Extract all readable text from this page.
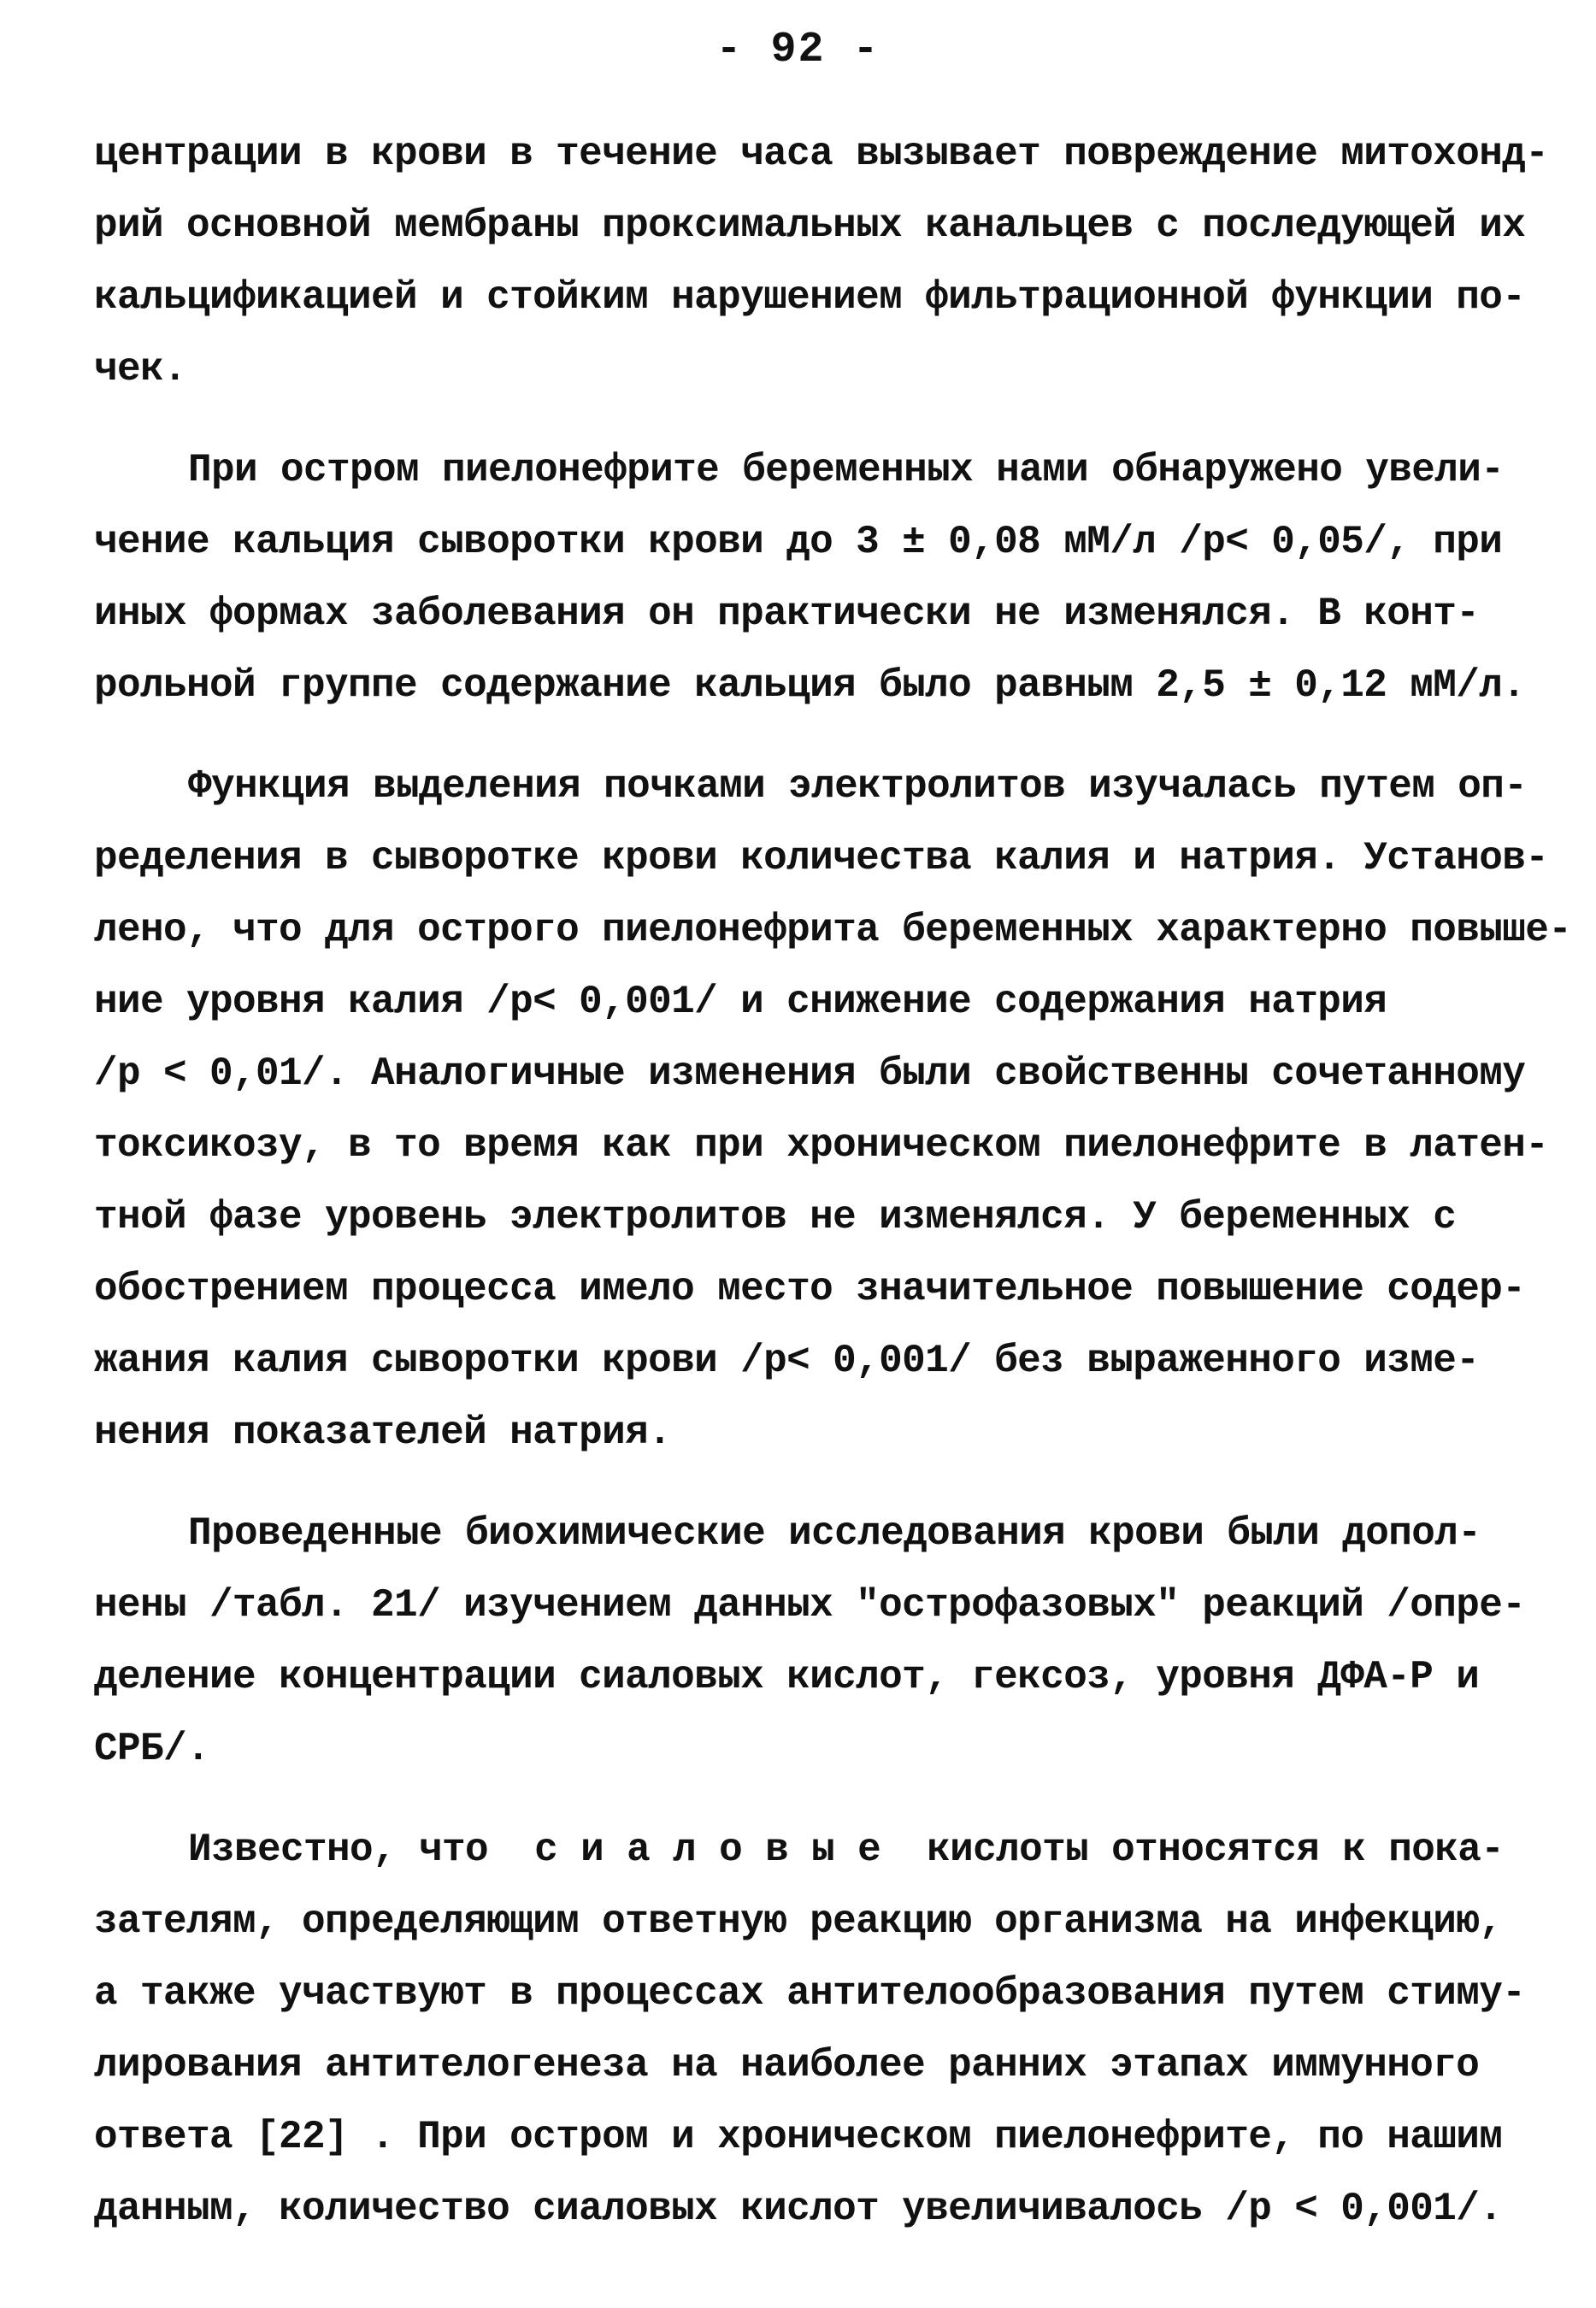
- 92 -
центрации в крови в течение часа вызывает повреждение митохонд-
рий основной мембраны проксимальных канальцев с последующей их
кальцификацией и стойким нарушением фильтрационной функции по-
чек.
При остром пиелонефрите беременных нами обнаружено увели-
чение кальция сыворотки крови до 3 ± 0,08 мМ/л /р< 0,05/, при
иных формах заболевания он практически не изменялся. В конт-
рольной группе содержание кальция было равным 2,5 ± 0,12 мМ/л.
Функция выделения почками электролитов изучалась путем оп-
ределения в сыворотке крови количества калия и натрия. Установ-
лено, что для острого пиелонефрита беременных характерно повыше-
ние уровня калия /р< 0,001/ и снижение содержания натрия
/р < 0,01/. Аналогичные изменения были свойственны сочетанному
токсикозу, в то время как при хроническом пиелонефрите в латен-
тной фазе уровень электролитов не изменялся. У беременных с
обострением процесса имело место значительное повышение содер-
жания калия сыворотки крови /р< 0,001/ без выраженного изме-
нения показателей натрия.
Проведенные биохимические исследования крови были допол-
нены /табл. 21/ изучением данных "острофазовых" реакций /опре-
деление концентрации сиаловых кислот, гексоз, уровня ДФА-Р и
СРБ/.
Известно, что  с и а л о в ы е  кислоты относятся к пока-
зателям, определяющим ответную реакцию организма на инфекцию,
а также участвуют в процессах антителообразования путем стиму-
лирования антителогенеза на наиболее ранних этапах иммунного
ответа [22] . При остром и хроническом пиелонефрите, по нашим
данным, количество сиаловых кислот увеличивалось /р < 0,001/.
